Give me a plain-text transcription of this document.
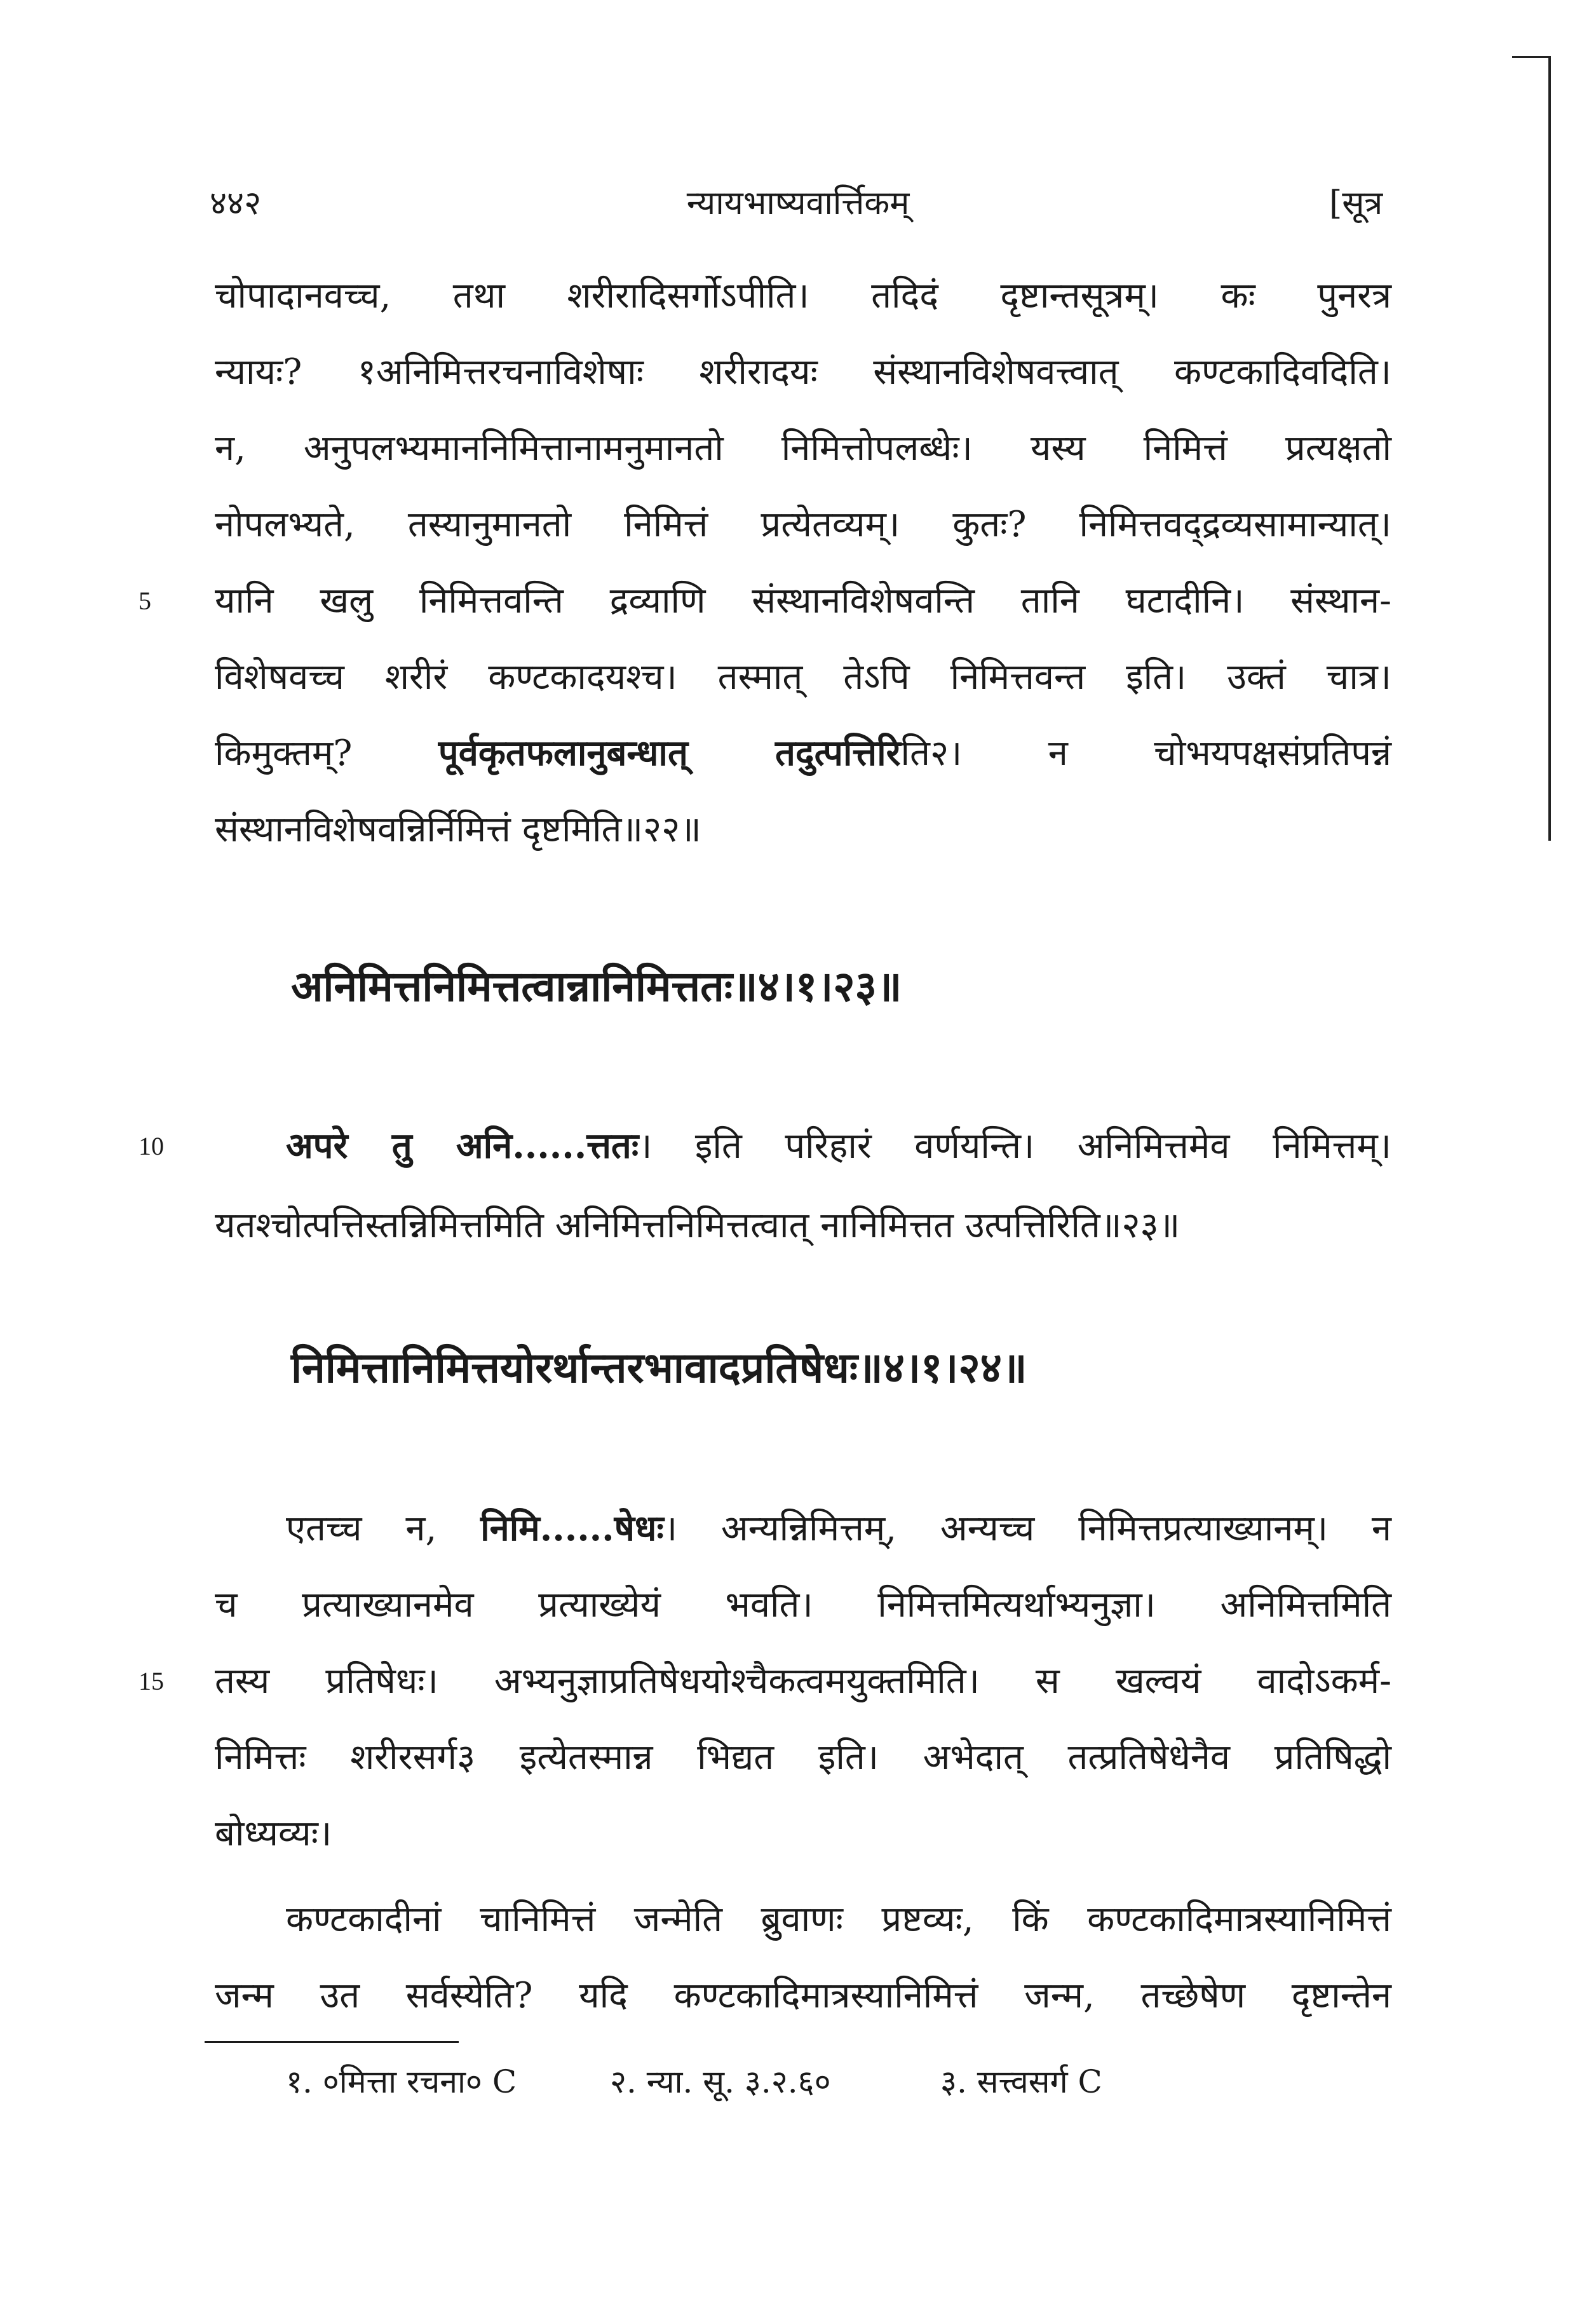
४४२	न्यायभाष्यवार्त्तिकम्	[सूत्र
चोपादानवच्च, तथा शरीरादिसर्गोऽपीति। तदिदं दृष्टान्तसूत्रम्। कः पुनरत्र
न्यायः? १अनिमित्तरचनाविशेषाः शरीरादयः संस्थानविशेषवत्त्वात् कण्टकादिवदिति।
न, अनुपलभ्यमाननिमित्तानामनुमानतो निमित्तोपलब्धेः। यस्य निमित्तं प्रत्यक्षतो
नोपलभ्यते, तस्यानुमानतो निमित्तं प्रत्येतव्यम्। कुतः? निमित्तवद्द्रव्यसामान्यात्।
5 यानि खलु निमित्तवन्ति द्रव्याणि संस्थानविशेषवन्ति तानि घटादीनि। संस्थान-
विशेषवच्च शरीरं कण्टकादयश्च। तस्मात् तेऽपि निमित्तवन्त इति। उक्तं चात्र।
किमुक्तम्? पूर्वकृतफलानुबन्धात् तदुत्पत्तिरिति२। न चोभयपक्षसंप्रतिपन्नं
संस्थानविशेषवन्निर्निमित्तं दृष्टमिति॥२२॥
अनिमित्तनिमित्तत्वान्नानिमित्ततः॥४।१।२३॥
10	अपरे तु अनि......त्ततः। इति परिहारं वर्णयन्ति। अनिमित्तमेव निमित्तम्।
यतश्चोत्पत्तिस्तन्निमित्तमिति अनिमित्तनिमित्तत्वात् नानिमित्तत उत्पत्तिरिति॥२३॥
निमित्तानिमित्तयोरर्थान्तरभावादप्रतिषेधः॥४।१।२४॥
एतच्च न, निमि......षेधः। अन्यन्निमित्तम्, अन्यच्च निमित्तप्रत्याख्यानम्। न
च प्रत्याख्यानमेव प्रत्याख्येयं भवति। निमित्तमित्यर्थाभ्यनुज्ञा। अनिमित्तमिति
15 तस्य प्रतिषेधः। अभ्यनुज्ञाप्रतिषेधयोश्चैकत्वमयुक्तमिति। स खल्वयं वादोऽकर्म-
निमित्तः शरीरसर्ग३ इत्येतस्मान्न भिद्यत इति। अभेदात् तत्प्रतिषेधेनैव प्रतिषिद्धो
बोध्यव्यः।
कण्टकादीनां चानिमित्तं जन्मेति ब्रुवाणः प्रष्टव्यः, किं कण्टकादिमात्रस्यानिमित्तं
जन्म उत सर्वस्येति? यदि कण्टकादिमात्रस्यानिमित्तं जन्म, तच्छेषेण दृष्टान्तेन
१. ०मित्ता रचना० C	२. न्या. सू. ३.२.६०	३. सत्त्वसर्ग C
